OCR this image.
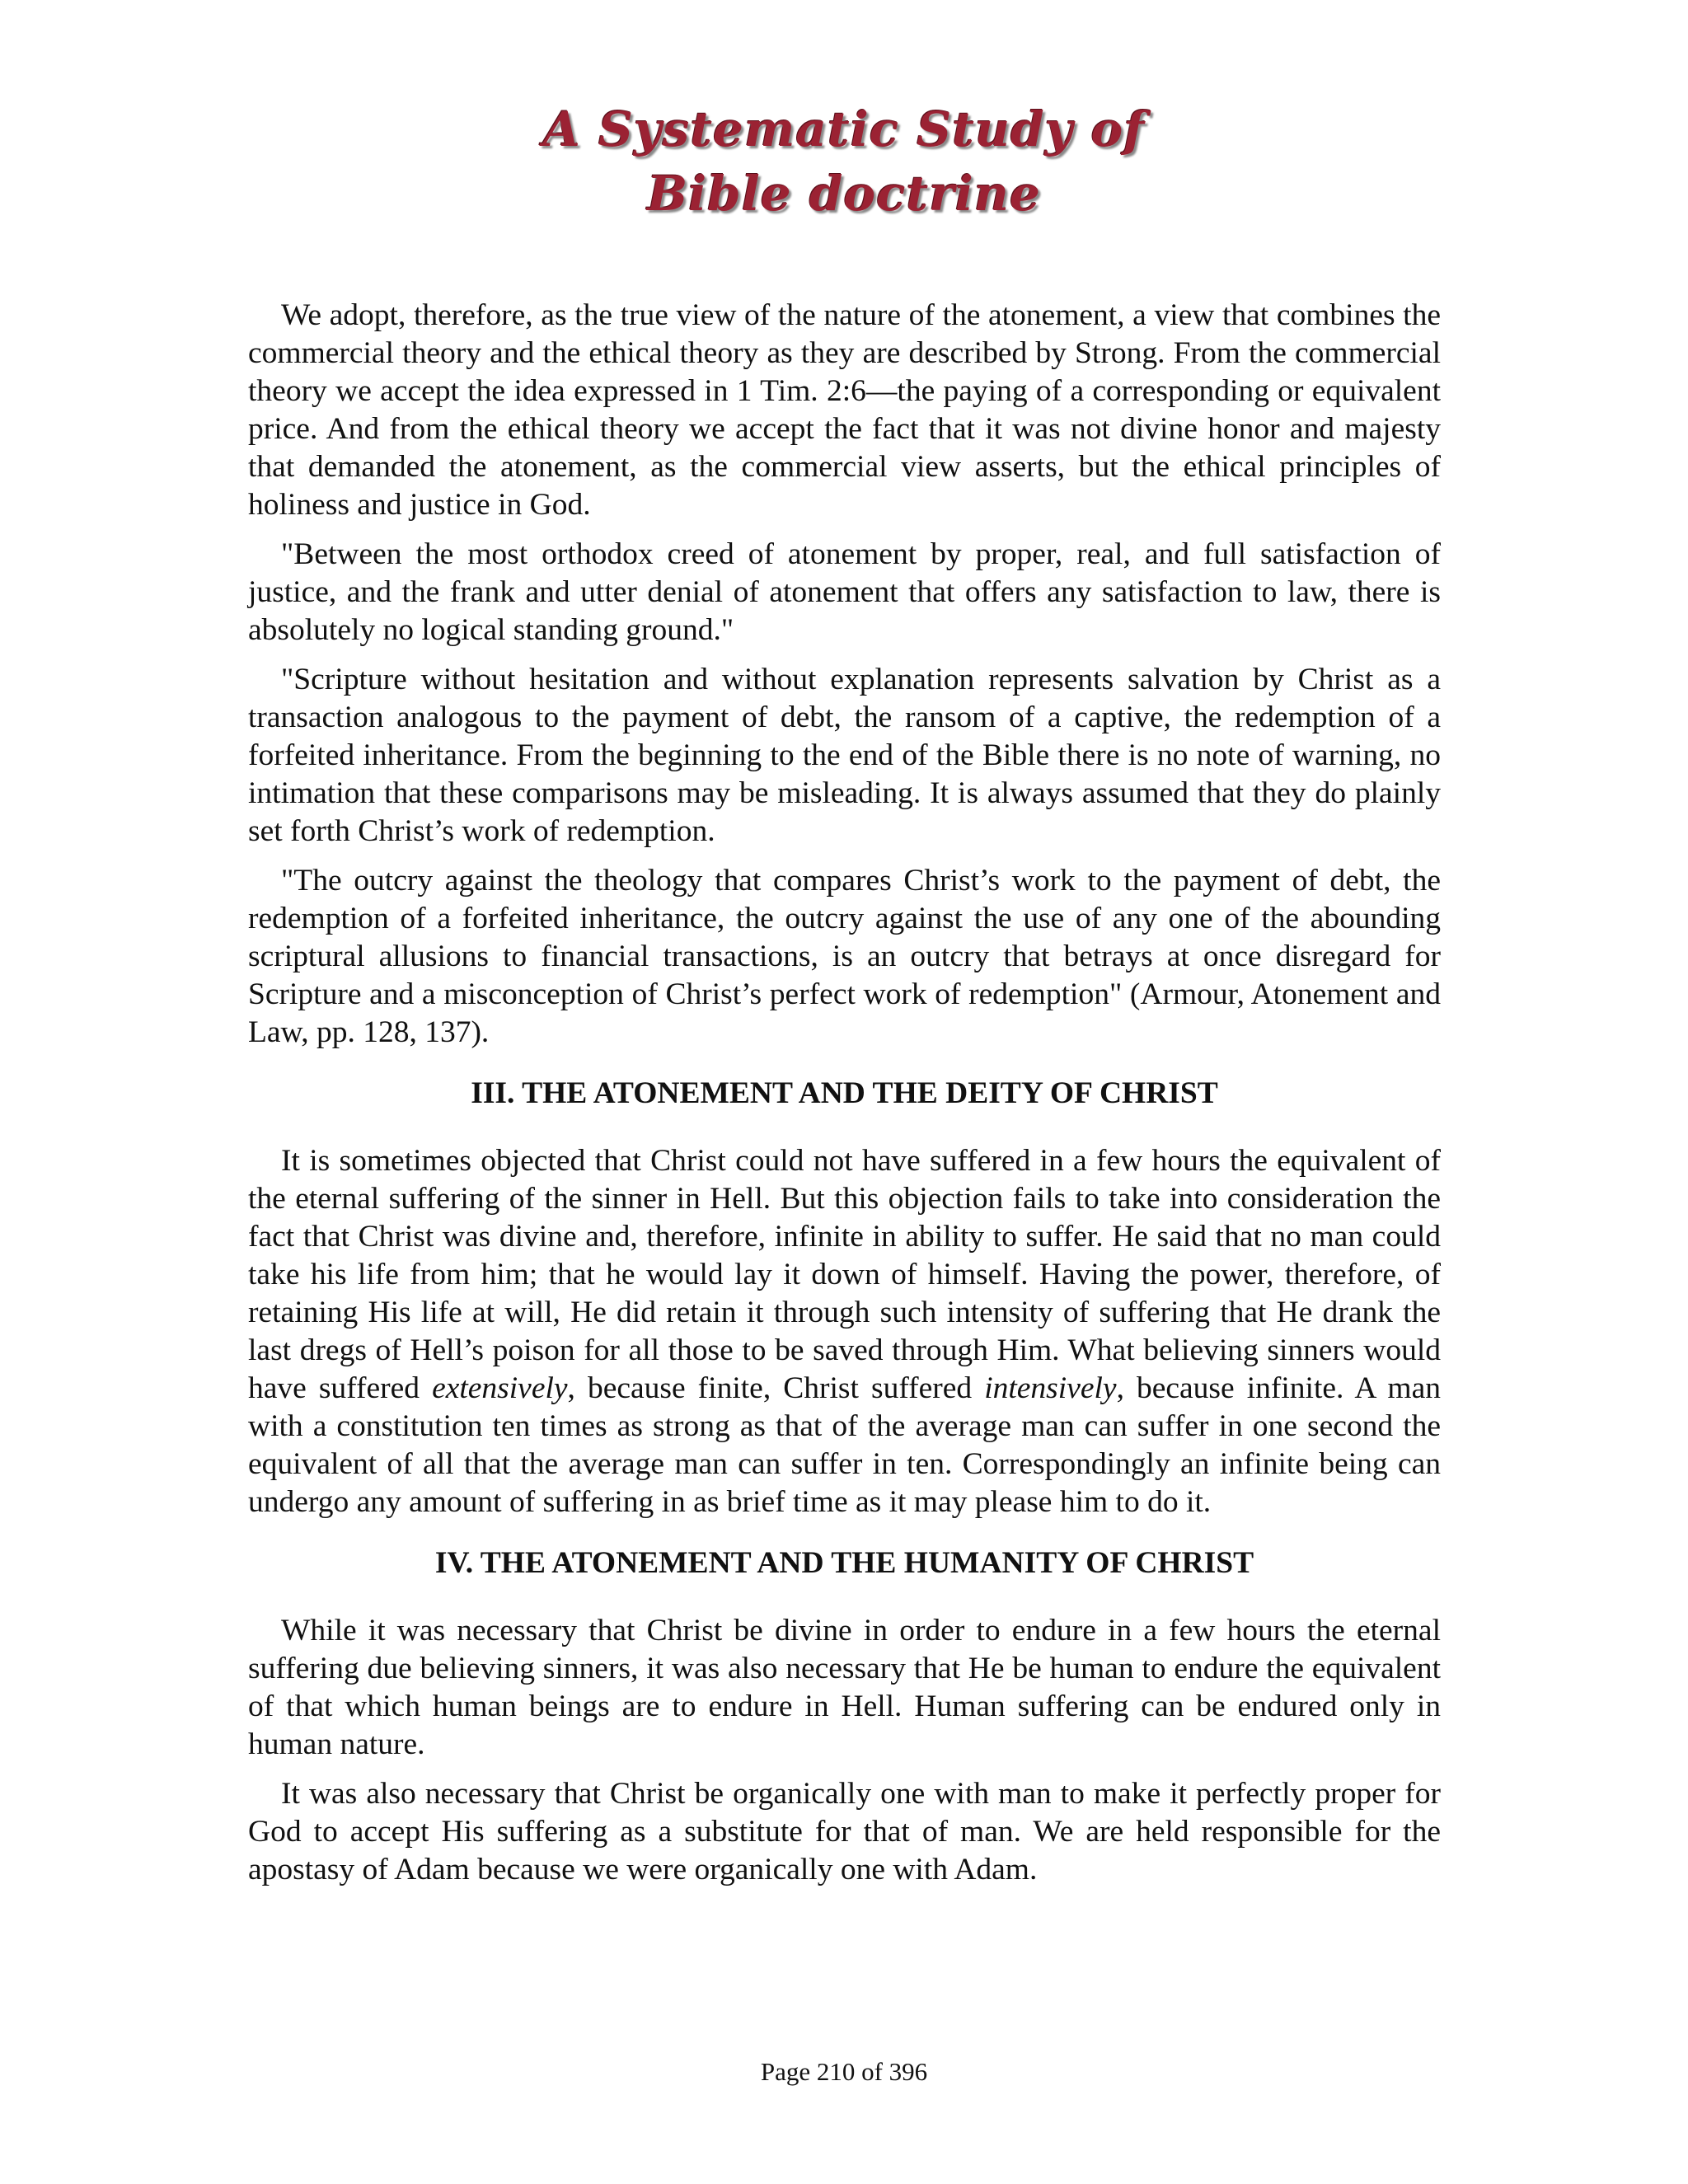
A Systematic Study of
Bible doctrine

We adopt, therefore, as the true view of the nature of the atonement, a view that combines the commercial theory and the ethical theory as they are described by Strong. From the commercial theory we accept the idea expressed in 1 Tim. 2:6—the paying of a corresponding or equivalent price. And from the ethical theory we accept the fact that it was not divine honor and majesty that demanded the atonement, as the commercial view asserts, but the ethical principles of holiness and justice in God.

"Between the most orthodox creed of atonement by proper, real, and full satisfaction of justice, and the frank and utter denial of atonement that offers any satisfaction to law, there is absolutely no logical standing ground."

"Scripture without hesitation and without explanation represents salvation by Christ as a transaction analogous to the payment of debt, the ransom of a captive, the redemption of a forfeited inheritance. From the beginning to the end of the Bible there is no note of warning, no intimation that these comparisons may be misleading. It is always assumed that they do plainly set forth Christ’s work of redemption.

"The outcry against the theology that compares Christ’s work to the payment of debt, the redemption of a forfeited inheritance, the outcry against the use of any one of the abounding scriptural allusions to financial transactions, is an outcry that betrays at once disregard for Scripture and a misconception of Christ’s perfect work of redemption" (Armour, Atonement and Law, pp. 128, 137).

III. THE ATONEMENT AND THE DEITY OF CHRIST

It is sometimes objected that Christ could not have suffered in a few hours the equivalent of the eternal suffering of the sinner in Hell. But this objection fails to take into consideration the fact that Christ was divine and, therefore, infinite in ability to suffer. He said that no man could take his life from him; that he would lay it down of himself. Having the power, therefore, of retaining His life at will, He did retain it through such intensity of suffering that He drank the last dregs of Hell’s poison for all those to be saved through Him. What believing sinners would have suffered extensively, because finite, Christ suffered intensively, because infinite. A man with a constitution ten times as strong as that of the average man can suffer in one second the equivalent of all that the average man can suffer in ten. Correspondingly an infinite being can undergo any amount of suffering in as brief time as it may please him to do it.

IV. THE ATONEMENT AND THE HUMANITY OF CHRIST

While it was necessary that Christ be divine in order to endure in a few hours the eternal suffering due believing sinners, it was also necessary that He be human to endure the equivalent of that which human beings are to endure in Hell. Human suffering can be endured only in human nature.

It was also necessary that Christ be organically one with man to make it perfectly proper for God to accept His suffering as a substitute for that of man. We are held responsible for the apostasy of Adam because we were organically one with Adam.

Page 210 of 396
